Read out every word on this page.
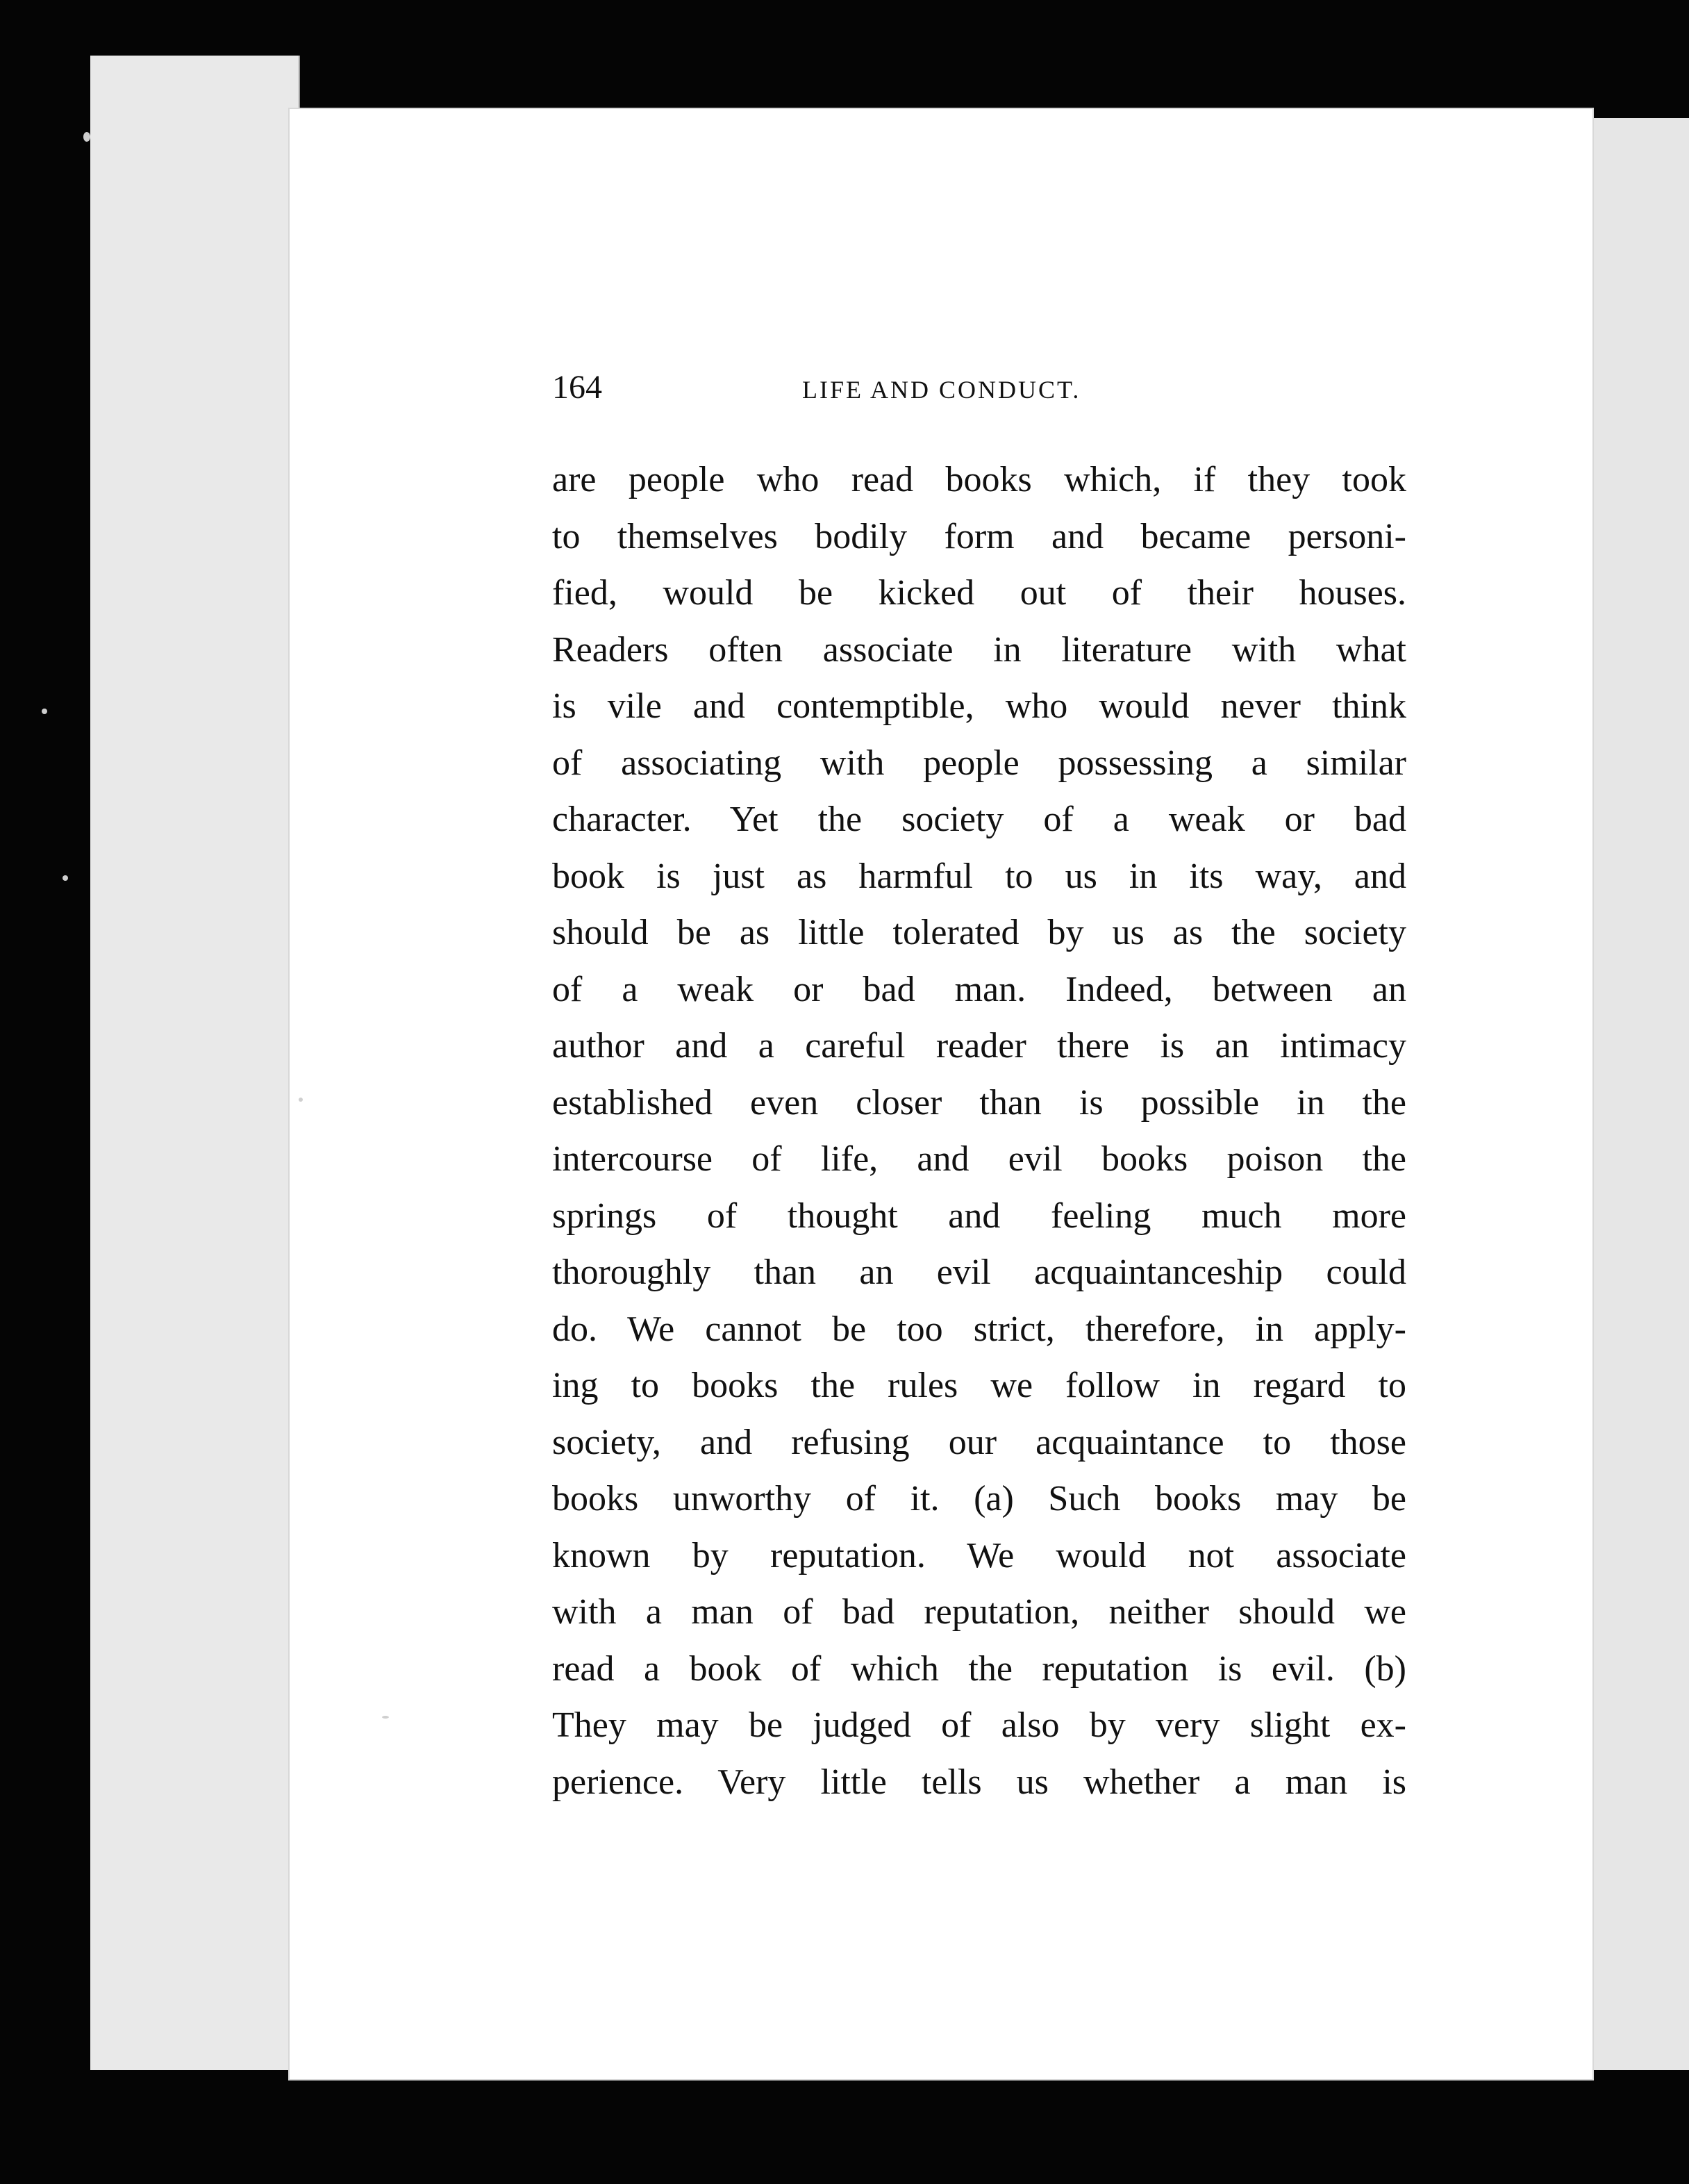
164	LIFE AND CONDUCT.
are people who read books which, if they took
to themselves bodily form and became personi-
fied, would be kicked out of their houses.
Readers often associate in literature with what
is vile and contemptible, who would never think
of associating with people possessing a similar
character. Yet the society of a weak or bad
book is just as harmful to us in its way, and
should be as little tolerated by us as the society
of a weak or bad man. Indeed, between an
author and a careful reader there is an intimacy
established even closer than is possible in the
intercourse of life, and evil books poison the
springs of thought and feeling much more
thoroughly than an evil acquaintanceship could
do. We cannot be too strict, therefore, in apply-
ing to books the rules we follow in regard to
society, and refusing our acquaintance to those
books unworthy of it. (a) Such books may be
known by reputation. We would not associate
with a man of bad reputation, neither should we
read a book of which the reputation is evil. (b)
They may be judged of also by very slight ex-
perience. Very little tells us whether a man is
